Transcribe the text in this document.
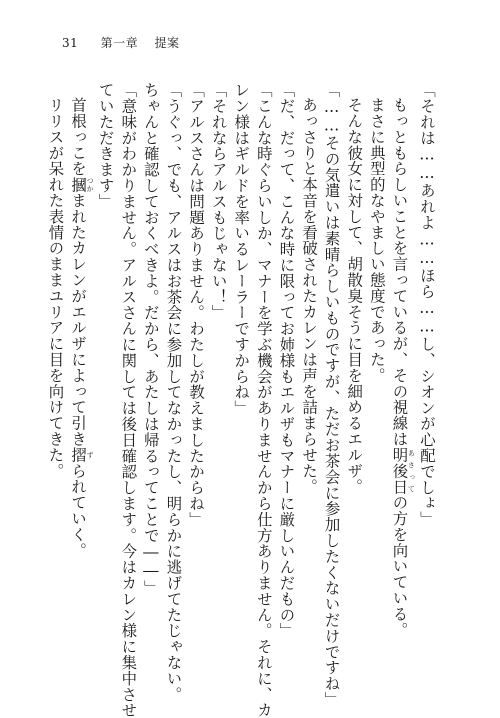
31 第一章 提案

「それは……あれよ……ほら……し、シオンが心配でしょ」

もっともらしいことを言っているが、その視線は明後日 あさっての方を向いている。

まさに典型的なやましい態度であった。

そんな彼女に対して、胡散臭そうに目を細めるエルザ。

「……その気遣いは素晴らしいものですが、ただお茶会に参加したくないだけですね」

あっさりと本音を看破されたカレンは声を詰まらせた。

「だ、だって、こんな時に限ってお姉様もエルザもマナーに厳しいんだもの」

「こんな時ぐらいしか、マナーを学ぶ機会がありませんから仕方ありません。それに、カ

レン様はギルドを率いるレーラーですからね」

「それならアルスもじゃない！」

「アルスさんは問題ありません。わたしが教えましたからね」

「うぐっ、でも、アルスはお茶会に参加してなかったし、明らかに逃げてたじゃない。

ちゃんと確認しておくべきよ。だから、あたしは帰るってことで――」

「意味がわかりません。アルスさんに関しては後日確認します。今はカレン様に集中させ

ていただきます」

首根っこを摑 つかまれたカレンがエルザによって引き摺 ずられていく。

リリスが呆れた表情のままユリアに目を向けてきた。
